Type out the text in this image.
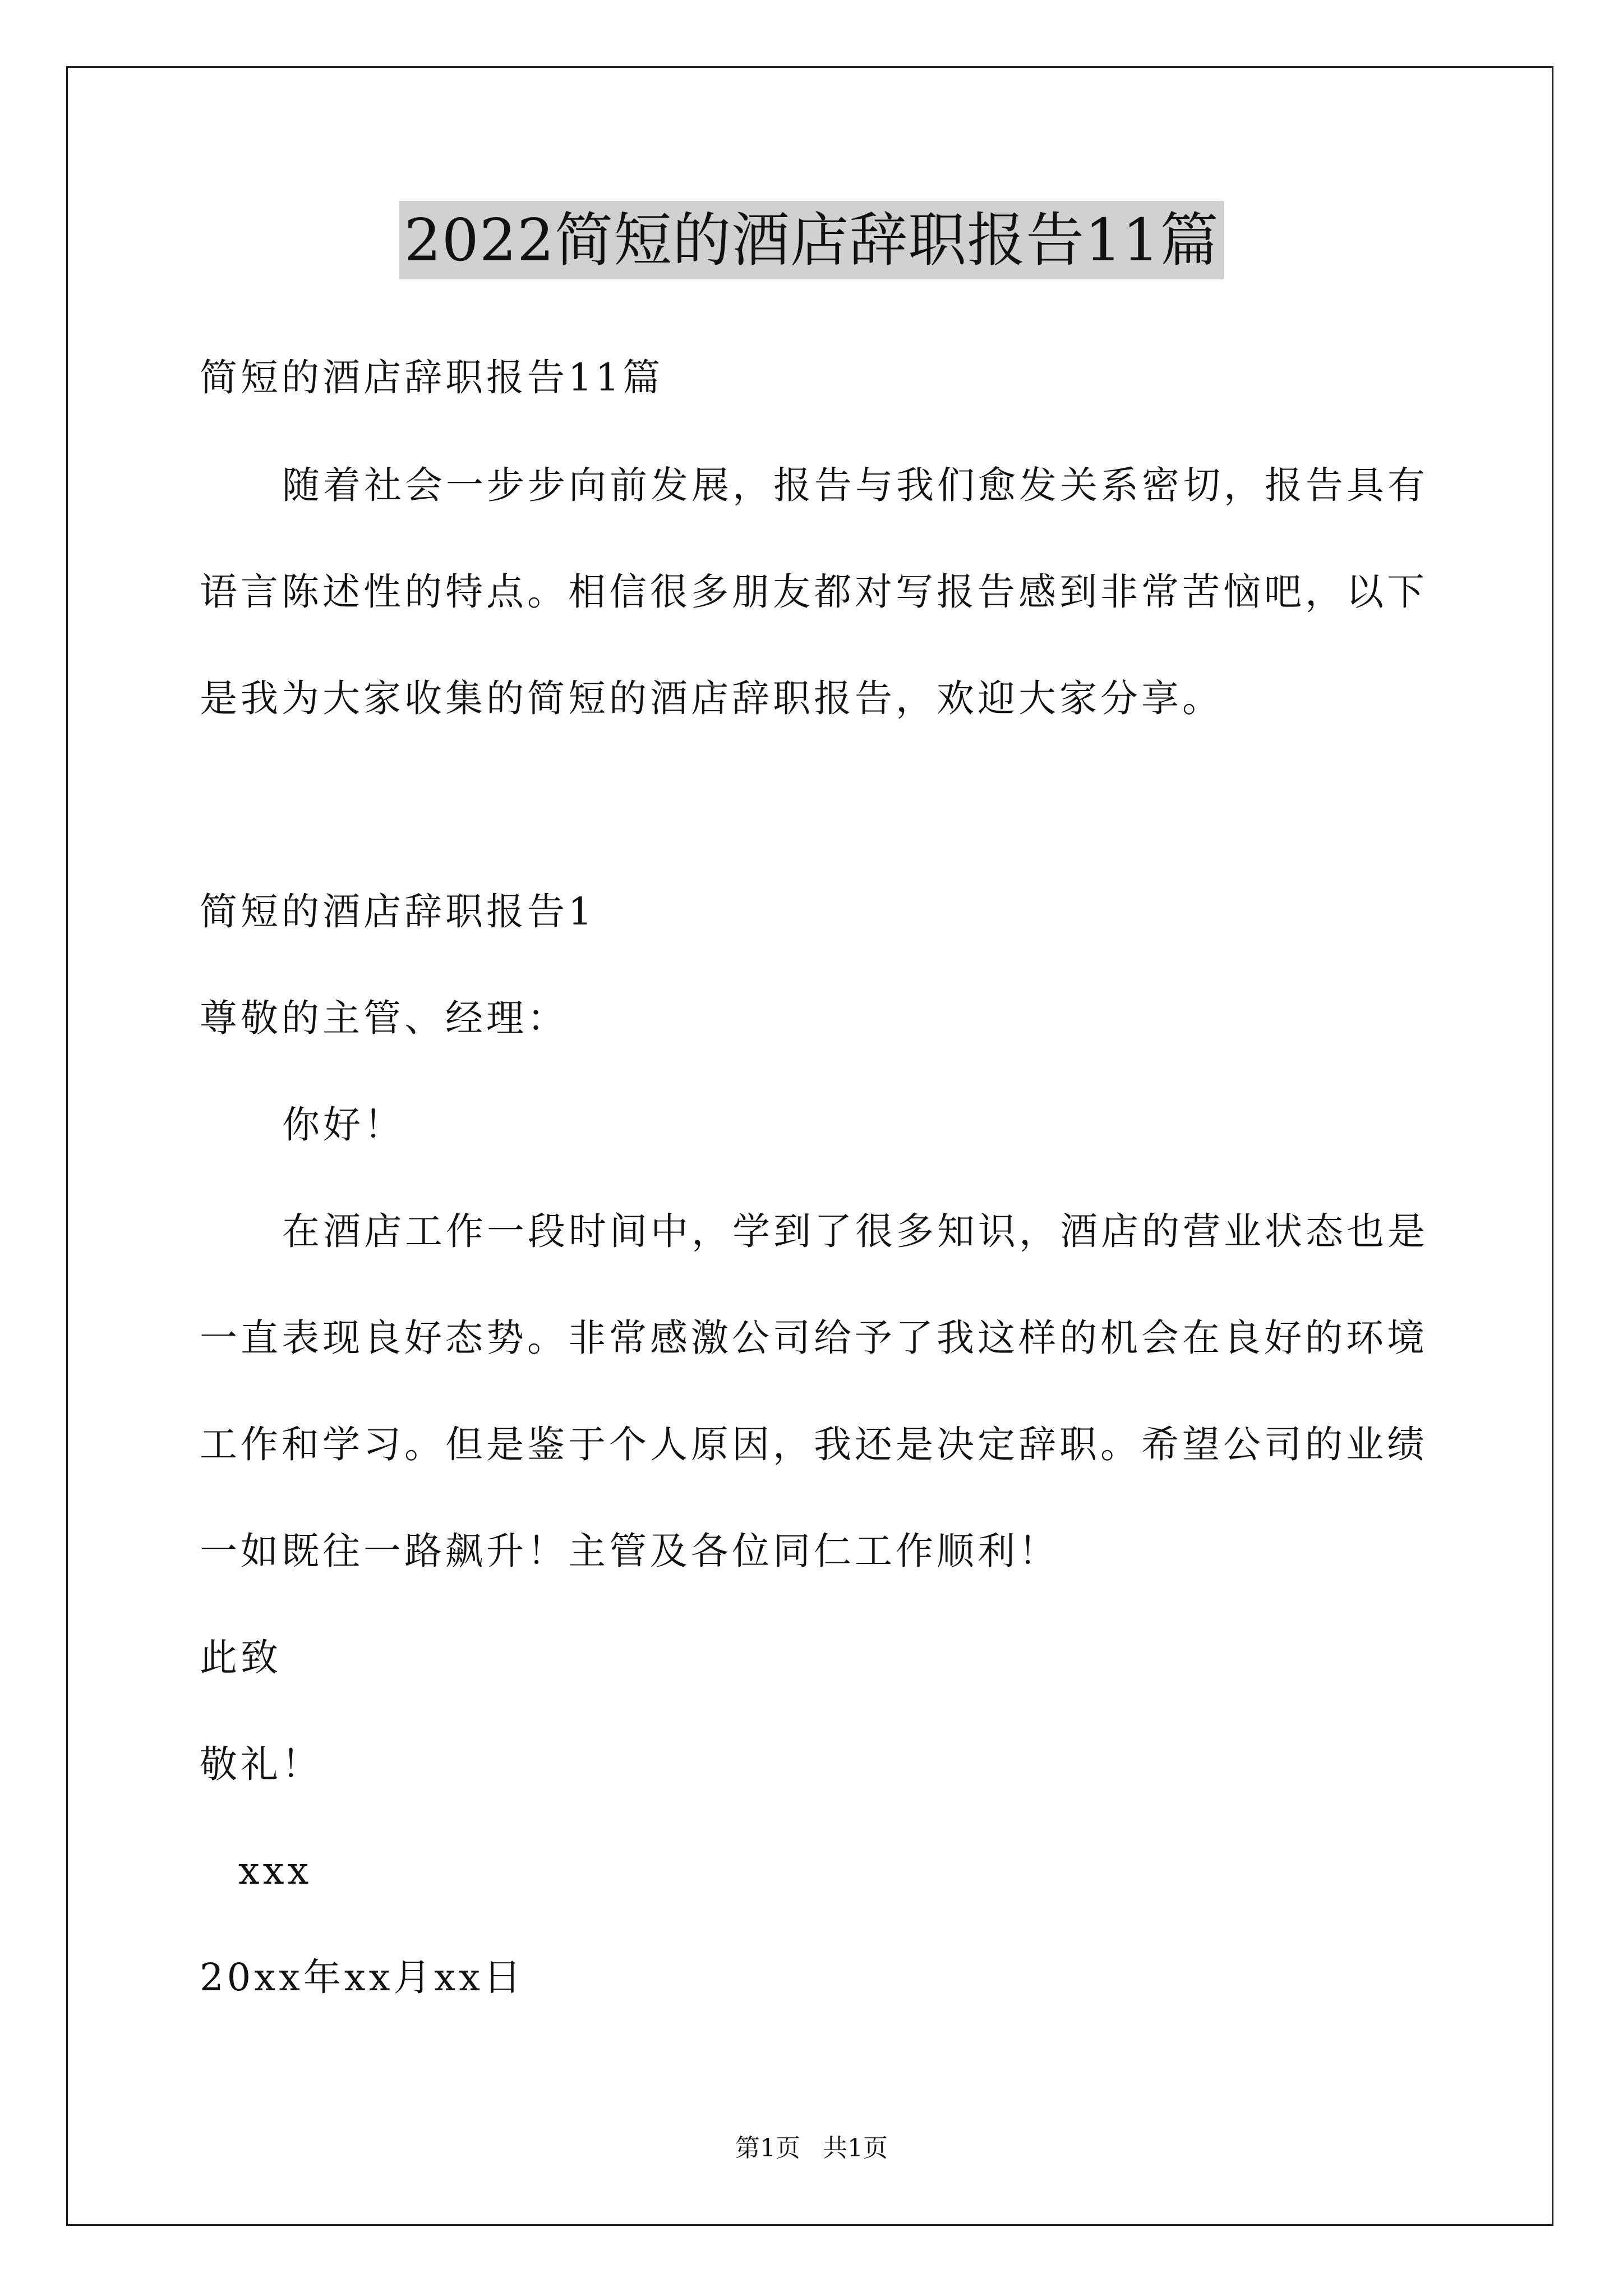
2022简短的酒店辞职报告11篇
简短的酒店辞职报告11篇
随着社会一步步向前发展，报告与我们愈发关系密切，报告具有
语言陈述性的特点。相信很多朋友都对写报告感到非常苦恼吧，以下
是我为大家收集的简短的酒店辞职报告，欢迎大家分享。
简短的酒店辞职报告1
尊敬的主管、经理：
你好！
在酒店工作一段时间中，学到了很多知识，酒店的营业状态也是
一直表现良好态势。非常感激公司给予了我这样的机会在良好的环境
工作和学习。但是鉴于个人原因，我还是决定辞职。希望公司的业绩
一如既往一路飙升！主管及各位同仁工作顺利！
此致
敬礼！
xxx
20xx年xx月xx日
第1页 共1页
